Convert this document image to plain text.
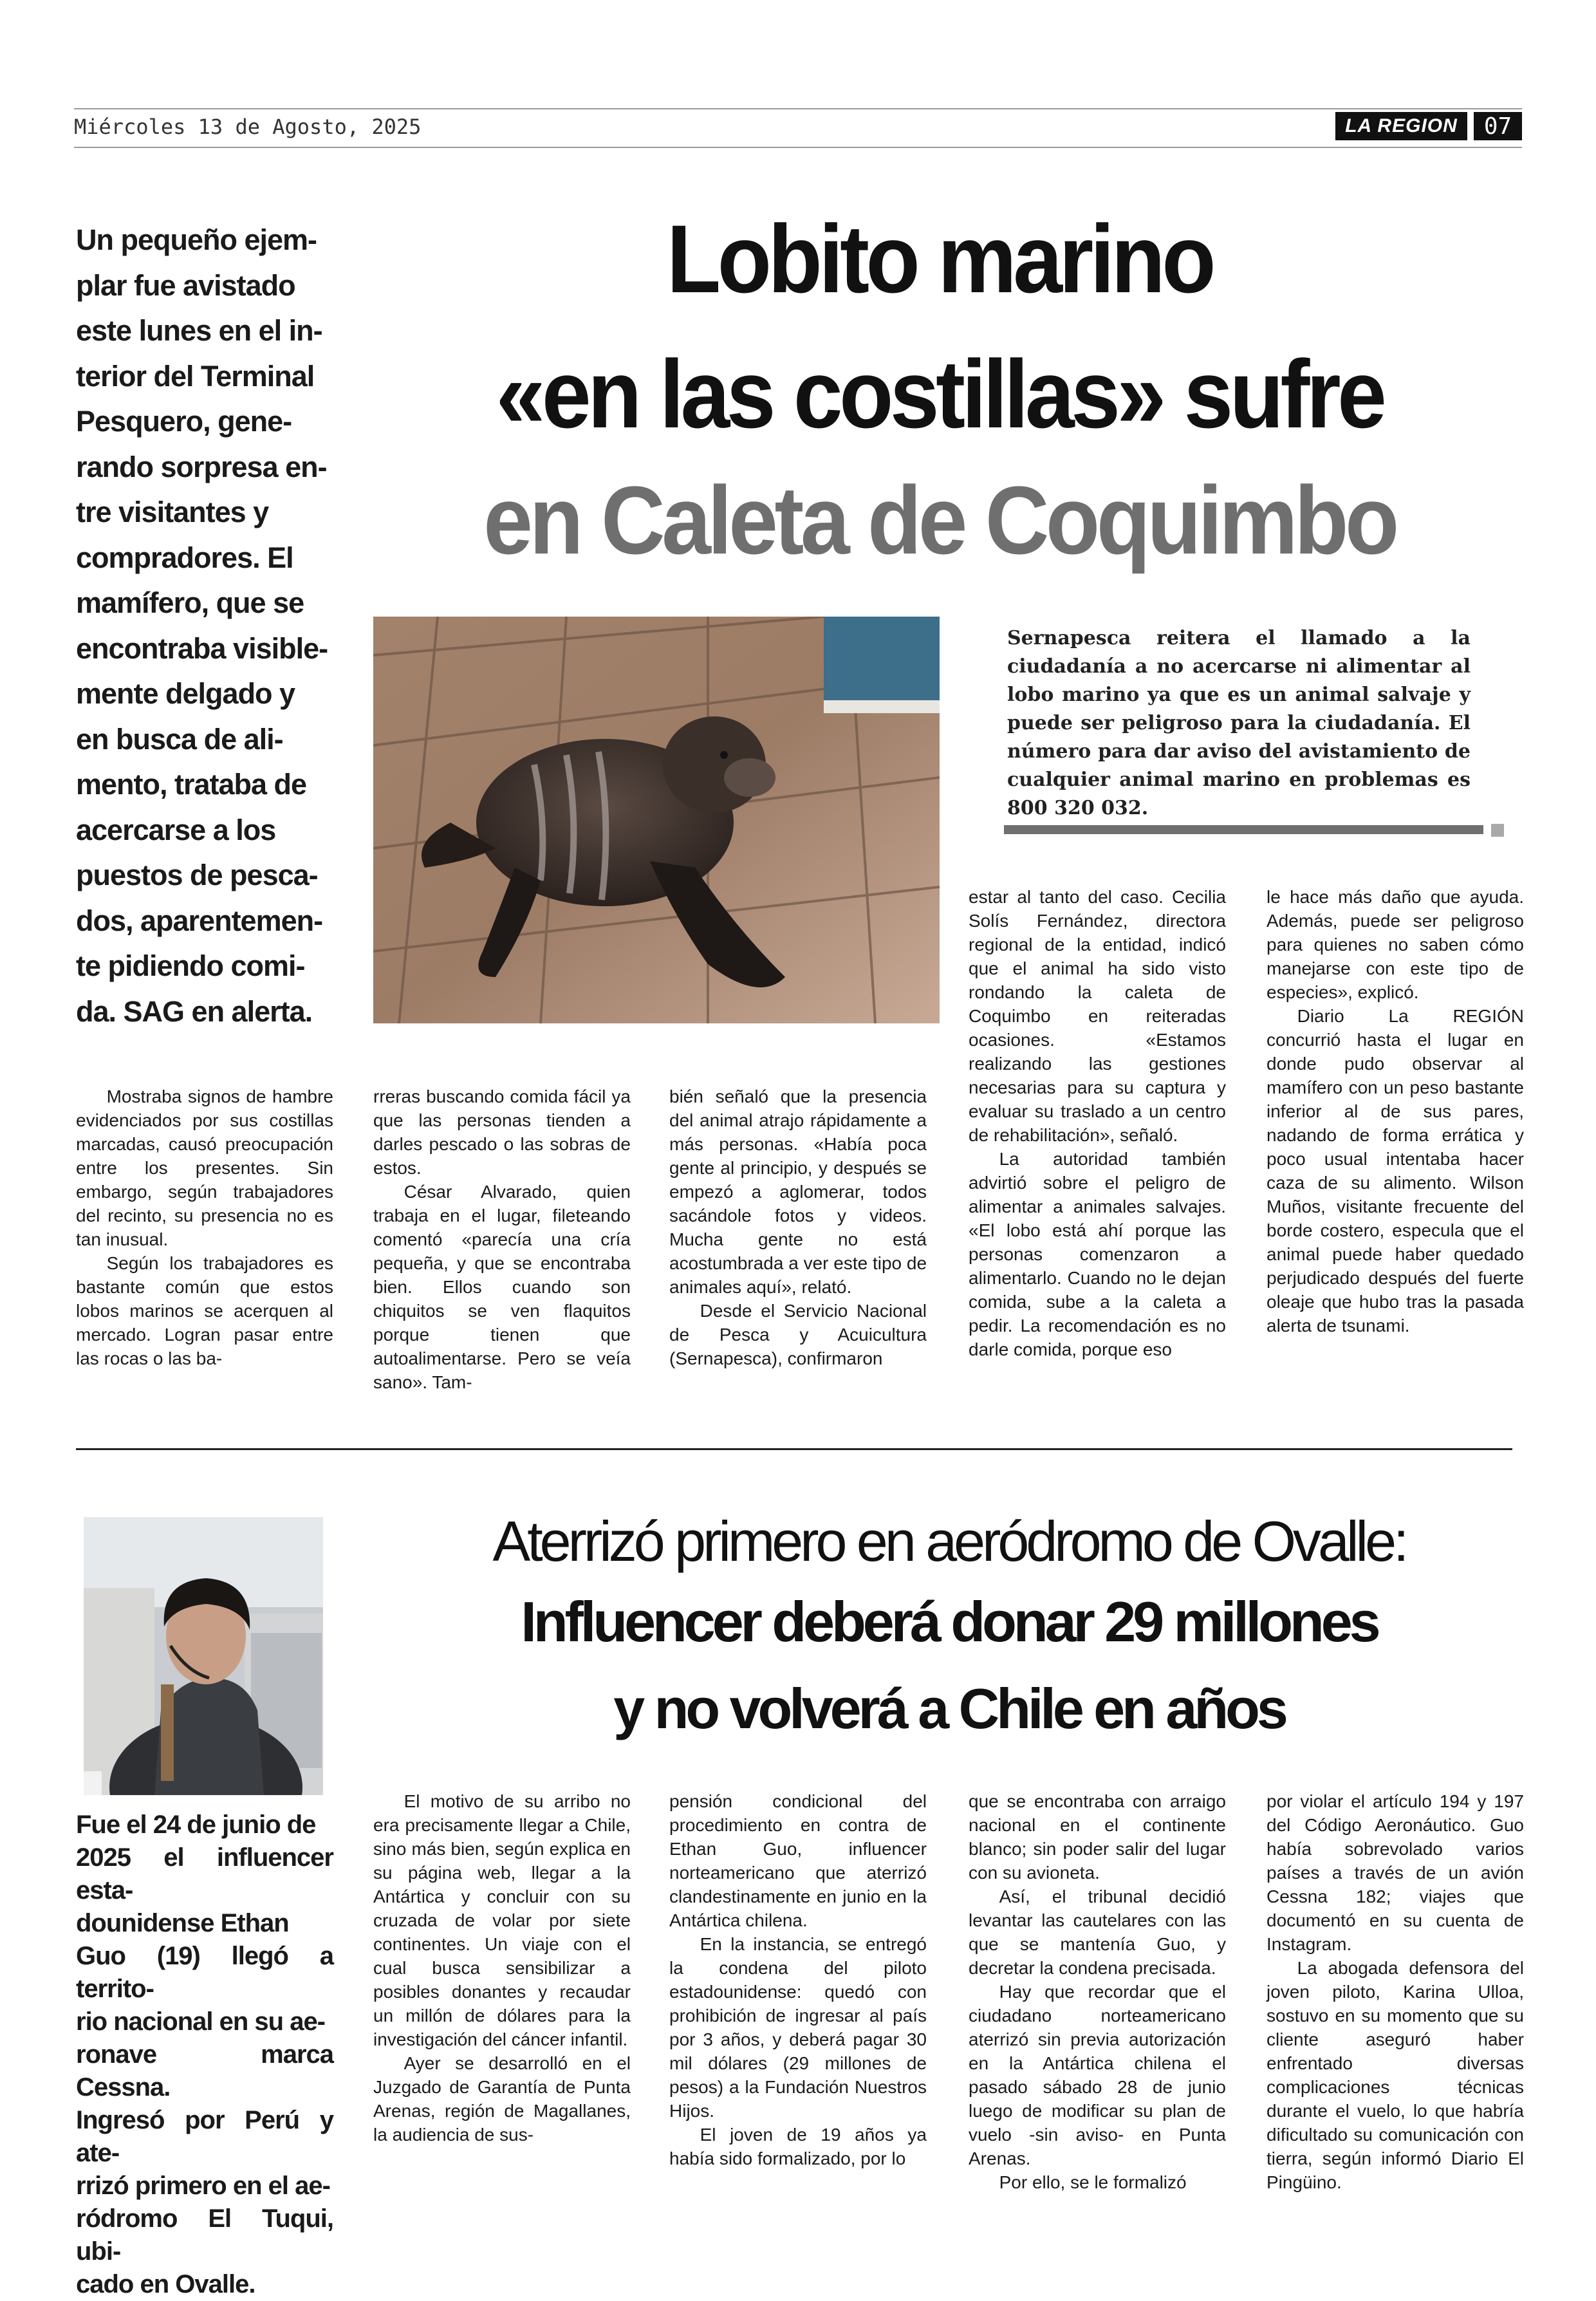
Miércoles 13 de Agosto, 2025	LA REGION	07
Lobito marino
«en las costillas» sufre
en Caleta de Coquimbo
Un pequeño ejem-
plar fue avistado
este lunes en el in-
terior del Terminal
Pesquero, gene-
rando sorpresa en-
tre visitantes y
compradores. El
mamífero, que se
encontraba visible-
mente delgado y
en busca de ali-
mento, trataba de
acercarse a los
puestos de pesca-
dos, aparentemen-
te pidiendo comi-
da. SAG en alerta.
Sernapesca reitera el llamado a la ciudadanía a no acercarse ni alimentar al lobo marino ya que es un animal salvaje y puede ser peligroso para la ciudadanía. El número para dar aviso del avistamiento de cualquier animal marino en problemas es 800 320 032.

Mostraba signos de hambre evidenciados por sus costillas marcadas, causó preocupación entre los presentes. Sin embargo, según trabajadores del recinto, su presencia no es tan inusual.

Según los trabajadores es bastante común que estos lobos marinos se acerquen al mercado. Logran pasar entre las rocas o las ba-

rreras buscando comida fácil ya que las personas tienden a darles pescado o las sobras de estos.

César Alvarado, quien trabaja en el lugar, fileteando comentó «parecía una cría pequeña, y que se encontraba bien. Ellos cuando son chiquitos se ven flaquitos porque tienen que autoalimentarse. Pero se veía sano». Tam-

bién señaló que la presencia del animal atrajo rápidamente a más personas. «Había poca gente al principio, y después se empezó a aglomerar, todos sacándole fotos y videos. Mucha gente no está acostumbrada a ver este tipo de animales aquí», relató.

Desde el Servicio Nacional de Pesca y Acuicultura (Sernapesca), confirmaron

estar al tanto del caso. Cecilia Solís Fernández, directora regional de la entidad, indicó que el animal ha sido visto rondando la caleta de Coquimbo en reiteradas ocasiones. «Estamos realizando las gestiones necesarias para su captura y evaluar su traslado a un centro de rehabilitación», señaló.

La autoridad también advirtió sobre el peligro de alimentar a animales salvajes. «El lobo está ahí porque las personas comenzaron a alimentarlo. Cuando no le dejan comida, sube a la caleta a pedir. La recomendación es no darle comida, porque eso

le hace más daño que ayuda. Además, puede ser peligroso para quienes no saben cómo manejarse con este tipo de especies», explicó.

Diario La REGIÓN concurrió hasta el lugar en donde pudo observar al mamífero con un peso bastante inferior al de sus pares, nadando de forma errática y poco usual intentaba hacer caza de su alimento. Wilson Muños, visitante frecuente del borde costero, especula que el animal puede haber quedado perjudicado después del fuerte oleaje que hubo tras la pasada alerta de tsunami.

Aterrizó primero en aeródromo de Ovalle:
Influencer deberá donar 29 millones
y no volverá a Chile en años
Fue el 24 de junio de
2025 el influencer esta-
dounidense Ethan
Guo (19) llegó a territo-
rio nacional en su ae-
ronave marca Cessna.
Ingresó por Perú y ate-
rrizó primero en el ae-
ródromo El Tuqui, ubi-
cado en Ovalle.

El motivo de su arribo no era precisamente llegar a Chile, sino más bien, según explica en su página web, llegar a la Antártica y concluir con su cruzada de volar por siete continentes. Un viaje con el cual busca sensibilizar a posibles donantes y recaudar un millón de dólares para la investigación del cáncer infantil.

Ayer se desarrolló en el Juzgado de Garantía de Punta Arenas, región de Magallanes, la audiencia de sus-

pensión condicional del procedimiento en contra de Ethan Guo, influencer norteamericano que aterrizó clandestinamente en junio en la Antártica chilena.

En la instancia, se entregó la condena del piloto estadounidense: quedó con prohibición de ingresar al país por 3 años, y deberá pagar 30 mil dólares (29 millones de pesos) a la Fundación Nuestros Hijos.

El joven de 19 años ya había sido formalizado, por lo

que se encontraba con arraigo nacional en el continente blanco; sin poder salir del lugar con su avioneta.

Así, el tribunal decidió levantar las cautelares con las que se mantenía Guo, y decretar la condena precisada.

Hay que recordar que el ciudadano norteamericano aterrizó sin previa autorización en la Antártica chilena el pasado sábado 28 de junio luego de modificar su plan de vuelo -sin aviso- en Punta Arenas.

Por ello, se le formalizó

por violar el artículo 194 y 197 del Código Aeronáutico. Guo había sobrevolado varios países a través de un avión Cessna 182; viajes que documentó en su cuenta de Instagram.

La abogada defensora del joven piloto, Karina Ulloa, sostuvo en su momento que su cliente aseguró haber enfrentado diversas complicaciones técnicas durante el vuelo, lo que habría dificultado su comunicación con tierra, según informó Diario El Pingüino.
